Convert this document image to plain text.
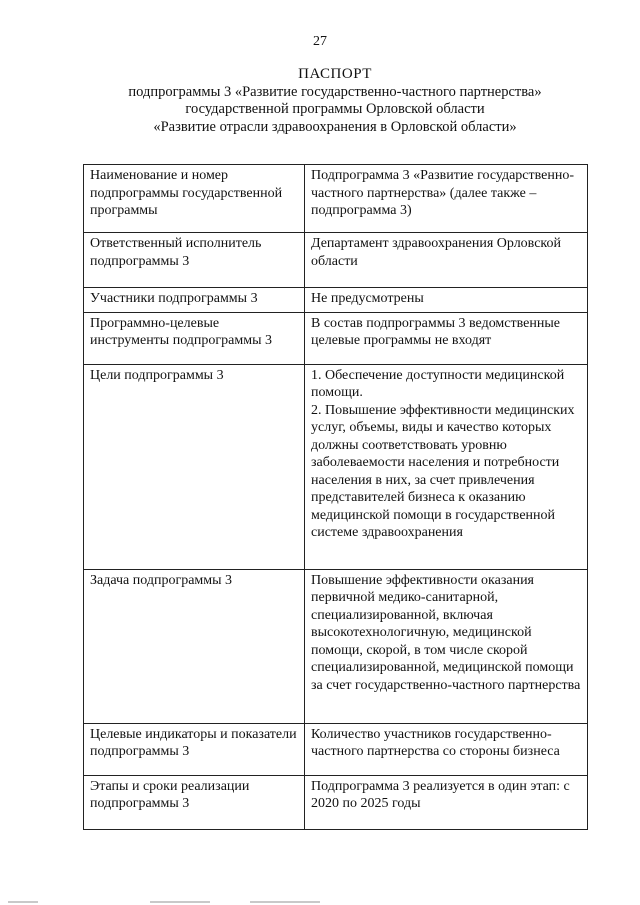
27
ПАСПОРТ
подпрограммы 3 «Развитие государственно-частного партнерства»
государственной программы Орловской области
«Развитие отрасли здравоохранения в Орловской области»
Наименование и номер подпрограммы государственной программы	Подпрограмма 3 «Развитие государственно-частного партнерства» (далее также – подпрограмма 3)

Ответственный исполнитель подпрограммы 3	Департамент здравоохранения Орловской области

Участники подпрограммы 3	Не предусмотрены

Программно-целевые инструменты подпрограммы 3	В состав подпрограммы 3 ведомственные целевые программы не входят

Цели подпрограммы 3	1. Обеспечение доступности медицинской помощи.
2. Повышение эффективности медицинских услуг, объемы, виды и качество которых должны соответствовать уровню заболеваемости населения и потребности населения в них, за счет привлечения представителей бизнеса к оказанию медицинской помощи в государственной системе здравоохранения

Задача подпрограммы 3	Повышение эффективности оказания первичной медико-санитарной, специализированной, включая высокотехнологичную, медицинской помощи, скорой, в том числе скорой специализированной, медицинской помощи за счет государственно-частного партнерства

Целевые индикаторы и показатели подпрограммы 3	Количество участников государственно-частного партнерства со стороны бизнеса

Этапы и сроки реализации подпрограммы 3	Подпрограмма 3 реализуется в один этап: с 2020 по 2025 годы
